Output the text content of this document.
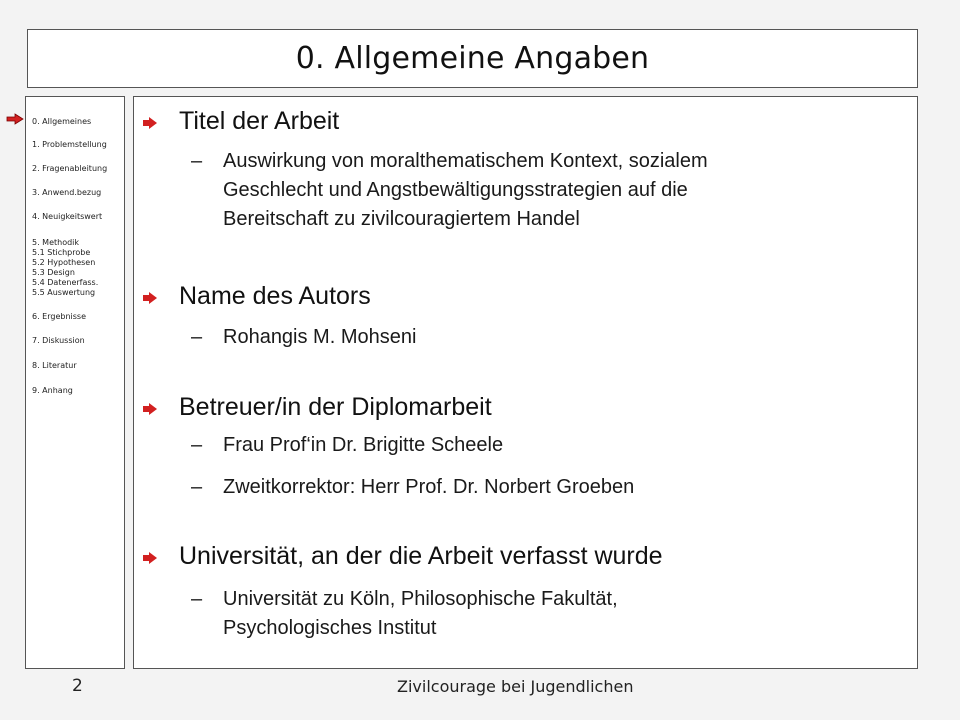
0. Allgemeine Angaben
0. Allgemeines
1. Problemstellung
2. Fragenableitung
3. Anwend.bezug
4. Neuigkeitswert
5. Methodik
5.1 Stichprobe
5.2 Hypothesen
5.3 Design
5.4 Datenerfass.
5.5 Auswertung
6. Ergebnisse
7. Diskussion
8. Literatur
9. Anhang
Titel der Arbeit
– Auswirkung von moralthematischem Kontext, sozialem
Geschlecht und Angstbewältigungsstrategien auf die
Bereitschaft zu zivilcouragiertem Handel
Name des Autors
– Rohangis M. Mohseni
Betreuer/in der Diplomarbeit
– Frau Prof‘in Dr. Brigitte Scheele
– Zweitkorrektor: Herr Prof. Dr. Norbert Groeben
Universität, an der die Arbeit verfasst wurde
– Universität zu Köln, Philosophische Fakultät,
Psychologisches Institut
2	Zivilcourage bei Jugendlichen
